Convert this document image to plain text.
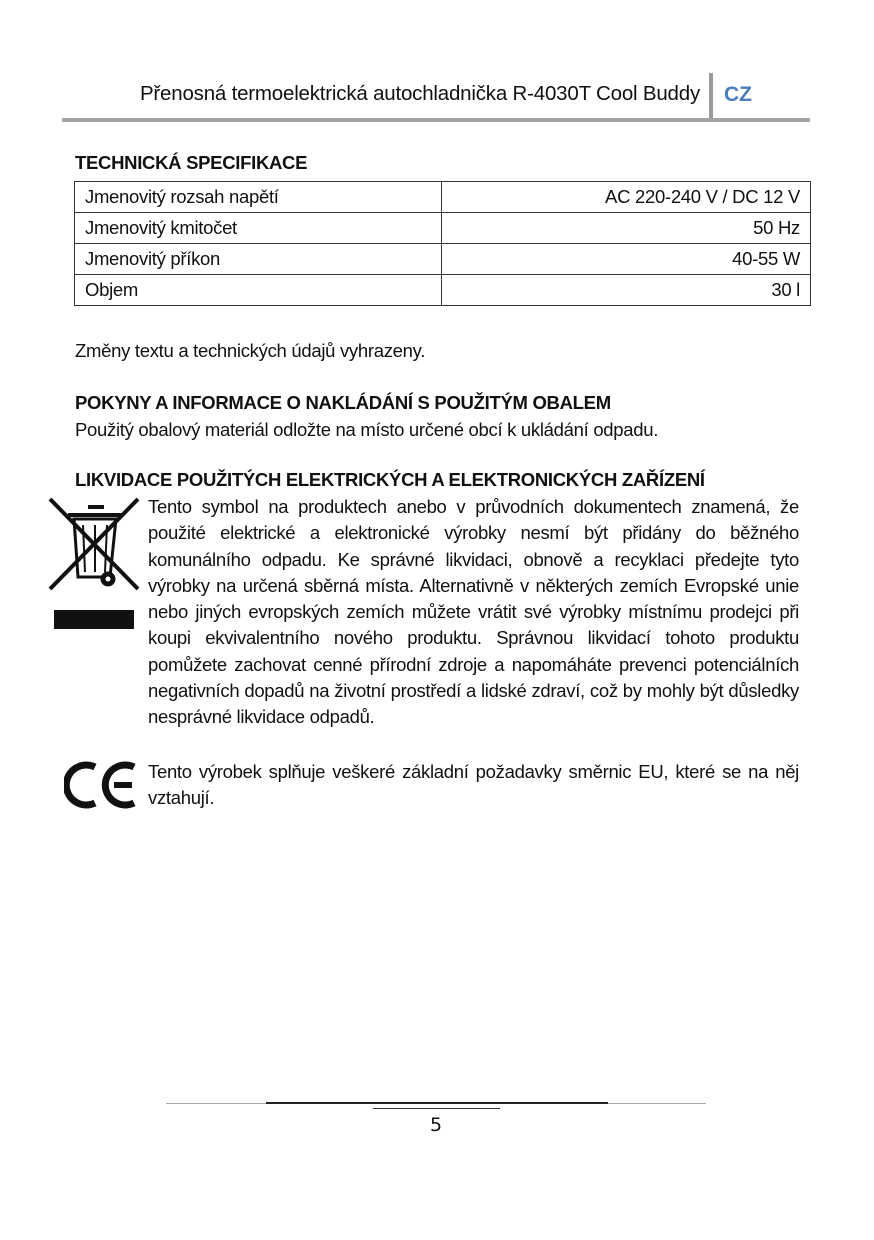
Přenosná termoelektrická autochladnička R-4030T Cool Buddy CZ
TECHNICKÁ SPECIFIKACE
Jmenovitý rozsah napětí	AC 220-240 V / DC 12 V
Jmenovitý kmitočet	50 Hz
Jmenovitý příkon	40-55 W
Objem	30 l
Změny textu a technických údajů vyhrazeny.
POKYNY A INFORMACE O NAKLÁDÁNÍ S POUŽITÝM OBALEM
Použitý obalový materiál odložte na místo určené obcí k ukládání odpadu.
LIKVIDACE POUŽITÝCH ELEKTRICKÝCH A ELEKTRONICKÝCH ZAŘÍZENÍ
Tento symbol na produktech anebo v průvodních dokumentech znamená, že použité elektrické a elektronické výrobky nesmí být přidány do běžného komunálního odpadu. Ke správné likvidaci, obnově a recyklaci předejte tyto výrobky na určená sběrná místa. Alternativně v některých zemích Evropské unie nebo jiných evropských zemích můžete vrátit své výrobky místnímu prodejci při koupi ekvivalentního nového produktu. Správnou likvidací tohoto produktu pomůžete zachovat cenné přírodní zdroje a napomáháte prevenci potenciálních negativních dopadů na životní prostředí a lidské zdraví, což by mohly být důsledky nesprávné likvidace odpadů.
Tento výrobek splňuje veškeré základní požadavky směrnic EU, které se na něj vztahují.
5
